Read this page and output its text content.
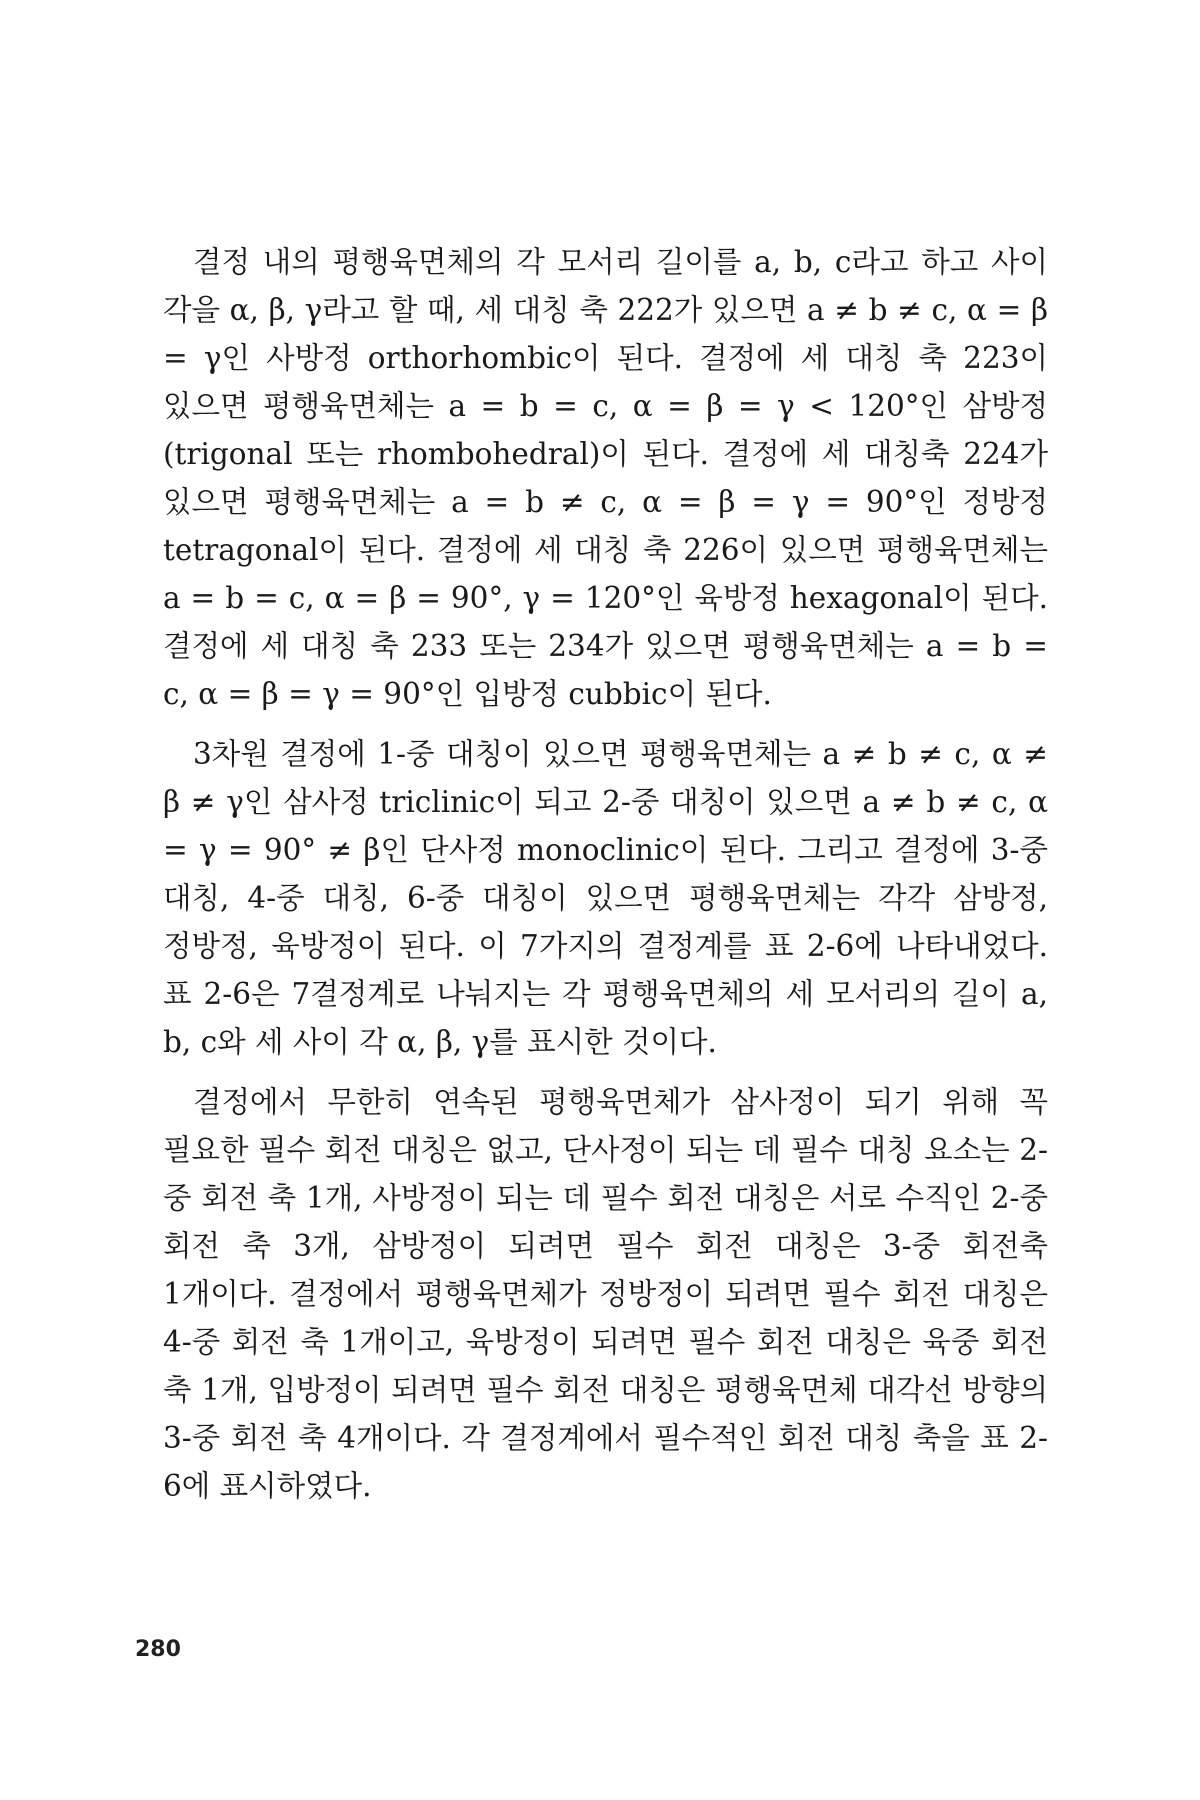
결정 내의 평행육면체의 각 모서리 길이를 a, b, c라고 하고 사이 각을 α, β, γ라고 할 때, 세 대칭 축 222가 있으면 a ≠ b ≠ c, α = β = γ인 사방정 orthorhombic이 된다. 결정에 세 대칭 축 223이 있으면 평행육면체는 a = b = c, α = β = γ < 120°인 삼방정(trigonal 또는 rhombohedral)이 된다. 결정에 세 대칭축 224가 있으면 평행육면체는 a = b ≠ c, α = β = γ = 90°인 정방정 tetragonal이 된다. 결정에 세 대칭 축 226이 있으면 평행육면체는 a = b = c, α = β = 90°, γ = 120°인 육방정 hexagonal이 된다. 결정에 세 대칭 축 233 또는 234가 있으면 평행육면체는 a = b = c, α = β = γ = 90°인 입방정 cubbic이 된다.

3차원 결정에 1-중 대칭이 있으면 평행육면체는 a ≠ b ≠ c, α ≠ β ≠ γ인 삼사정 triclinic이 되고 2-중 대칭이 있으면 a ≠ b ≠ c, α = γ = 90° ≠ β인 단사정 monoclinic이 된다. 그리고 결정에 3-중 대칭, 4-중 대칭, 6-중 대칭이 있으면 평행육면체는 각각 삼방정, 정방정, 육방정이 된다. 이 7가지의 결정계를 표 2-6에 나타내었다. 표 2-6은 7결정계로 나눠지는 각 평행육면체의 세 모서리의 길이 a, b, c와 세 사이 각 α, β, γ를 표시한 것이다.

결정에서 무한히 연속된 평행육면체가 삼사정이 되기 위해 꼭 필요한 필수 회전 대칭은 없고, 단사정이 되는 데 필수 대칭 요소는 2-중 회전 축 1개, 사방정이 되는 데 필수 회전 대칭은 서로 수직인 2-중 회전 축 3개, 삼방정이 되려면 필수 회전 대칭은 3-중 회전축 1개이다. 결정에서 평행육면체가 정방정이 되려면 필수 회전 대칭은 4-중 회전 축 1개이고, 육방정이 되려면 필수 회전 대칭은 육중 회전 축 1개, 입방정이 되려면 필수 회전 대칭은 평행육면체 대각선 방향의 3-중 회전 축 4개이다. 각 결정계에서 필수적인 회전 대칭 축을 표 2-6에 표시하였다.

280
